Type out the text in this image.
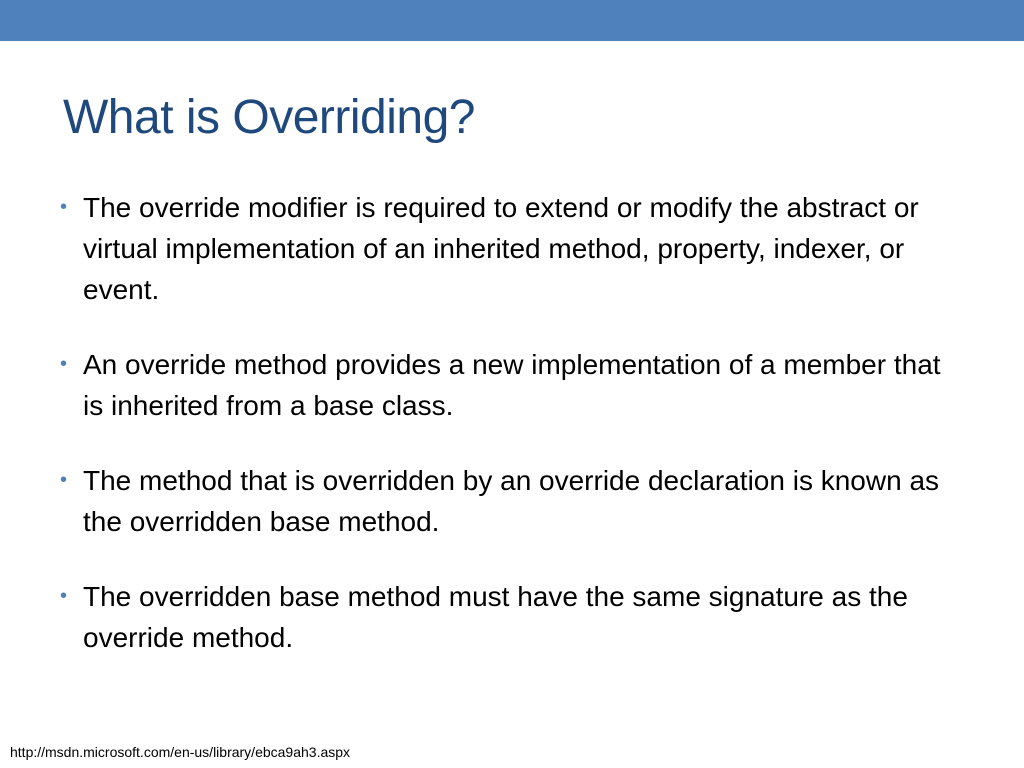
What is Overriding?
• The override modifier is required to extend or modify the abstract or virtual implementation of an inherited method, property, indexer, or event.
• An override method provides a new implementation of a member that is inherited from a base class.
• The method that is overridden by an override declaration is known as the overridden base method.
• The overridden base method must have the same signature as the override method.
http://msdn.microsoft.com/en-us/library/ebca9ah3.aspx
